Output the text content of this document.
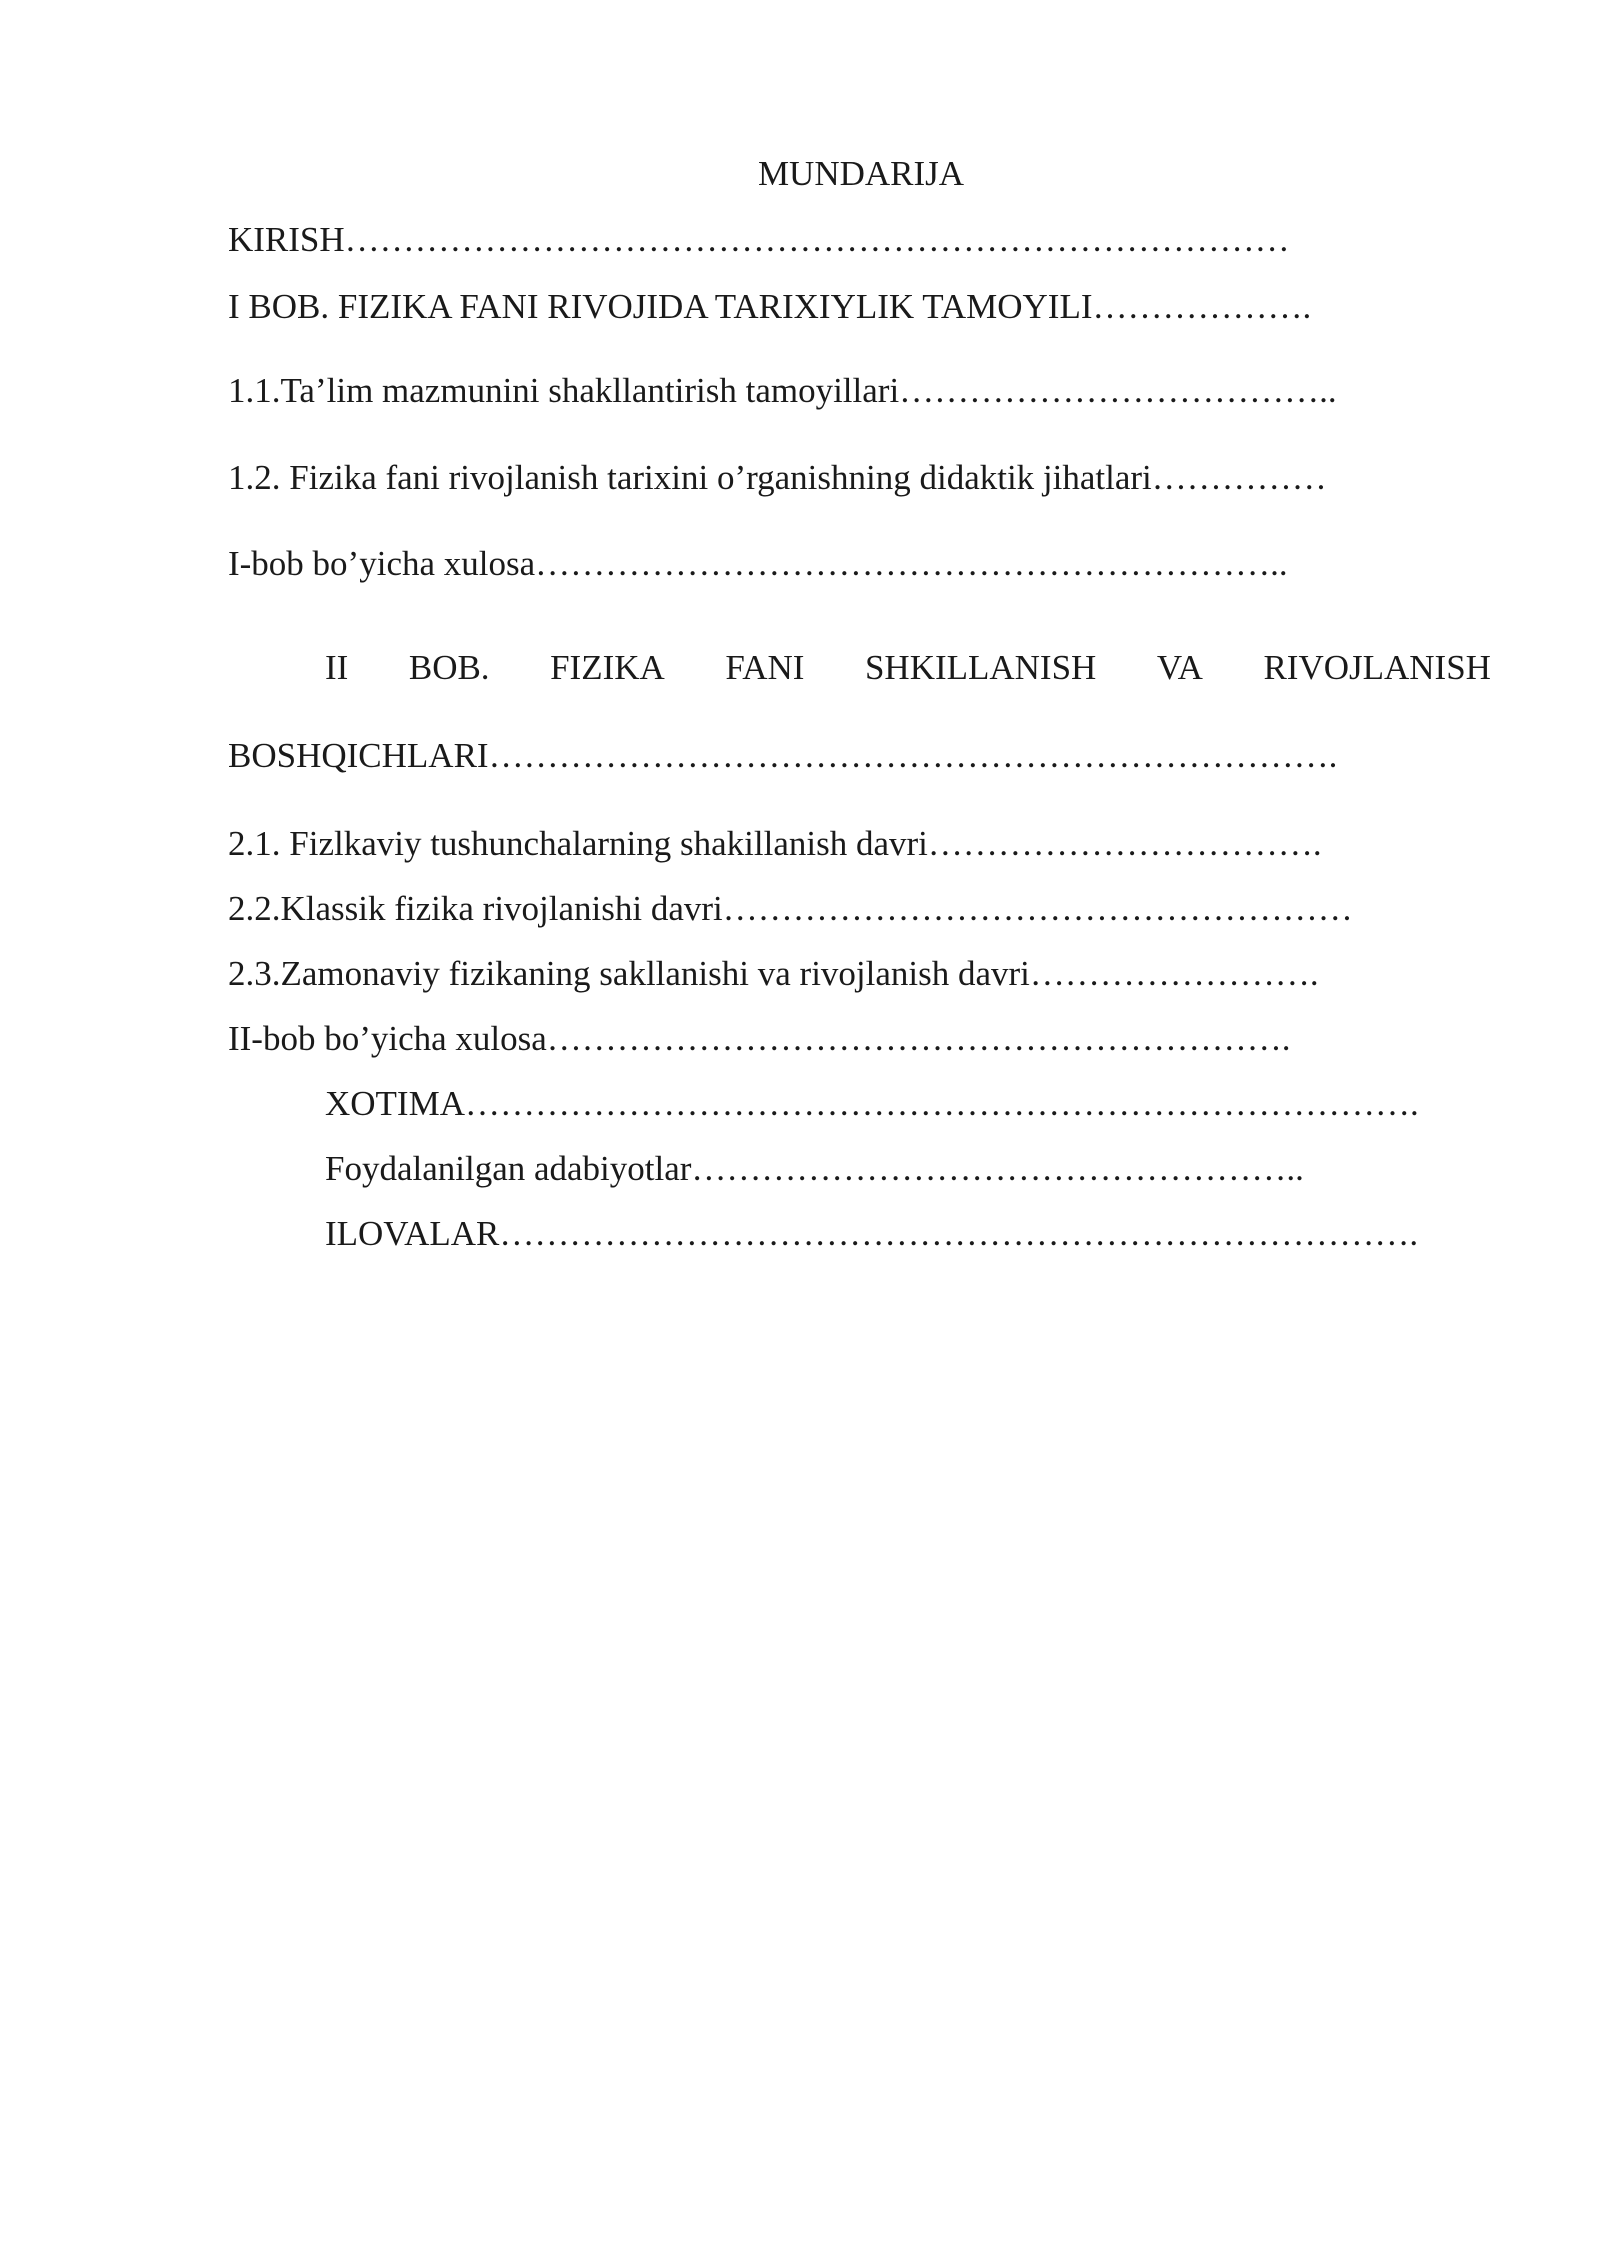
MUNDARIJA
KIRISH………………………………………………………………………
I BOB. FIZIKA FANI RIVOJIDA TARIXIYLIK TAMOYILI……………….
1.1.Ta’lim mazmunini shakllantirish tamoyillari………………………………..
1.2. Fizika fani rivojlanish tarixini o’rganishning didaktik jihatlari……………
I-bob bo’yicha xulosa………………………………………………………..
II BOB. FIZIKA FANI SHKILLANISH VA RIVOJLANISH
BOSHQICHLARI……………………………………………………………….
2.1. Fizlkaviy tushunchalarning shakillanish davri…………………………….
2.2.Klassik fizika rivojlanishi davri………………………………………………
2.3.Zamonaviy fizikaning sakllanishi va rivojlanish davri…………………….
II-bob bo’yicha xulosa……………………………………………………….
XOTIMA……………………………………………………………………….
Foydalanilgan adabiyotlar……………………………………………..
ILOVALAR…………………………………………………………………….
